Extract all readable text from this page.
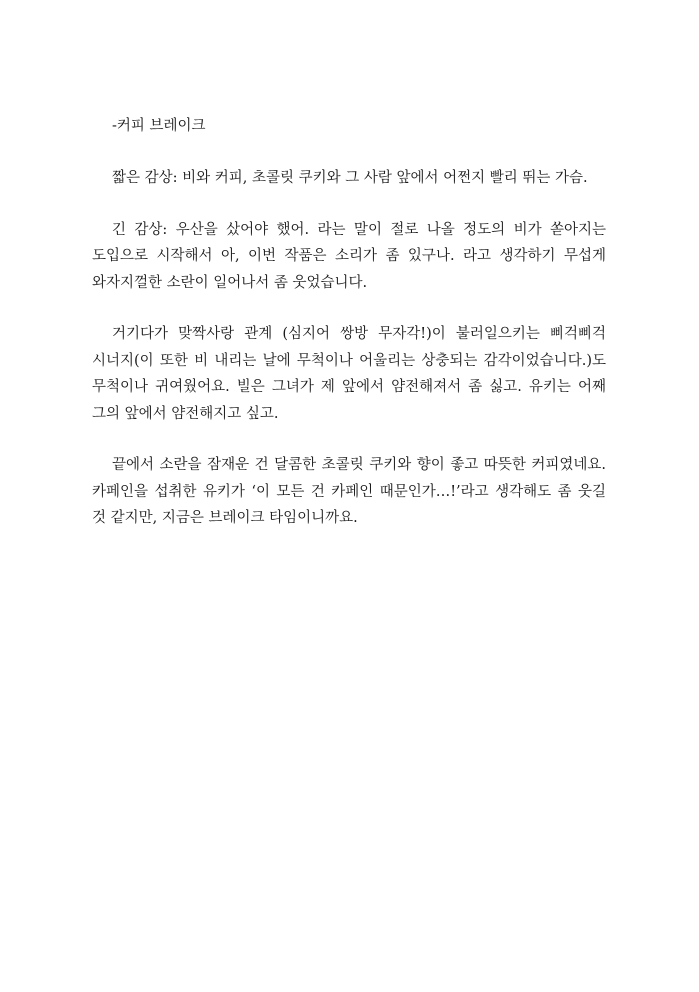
-커피 브레이크

짧은 감상: 비와 커피, 초콜릿 쿠키와 그 사람 앞에서 어쩐지 빨리 뛰는 가슴.

긴 감상: 우산을 샀어야 했어. 라는 말이 절로 나올 정도의 비가 쏟아지는
도입으로 시작해서 아, 이번 작품은 소리가 좀 있구나. 라고 생각하기 무섭게
와자지껄한 소란이 일어나서 좀 웃었습니다.

거기다가 맞짝사랑 관계 (심지어 쌍방 무자각!)이 불러일으키는 삐걱삐걱
시너지(이 또한 비 내리는 날에 무척이나 어울리는 상충되는 감각이었습니다.)도
무척이나 귀여웠어요. 빌은 그녀가 제 앞에서 얌전해져서 좀 싫고. 유키는 어째
그의 앞에서 얌전해지고 싶고.

끝에서 소란을 잠재운 건 달콤한 초콜릿 쿠키와 향이 좋고 따뜻한 커피였네요.
카페인을 섭취한 유키가 ‘이 모든 건 카페인 때문인가…!’라고 생각해도 좀 웃길
것 같지만, 지금은 브레이크 타임이니까요.
